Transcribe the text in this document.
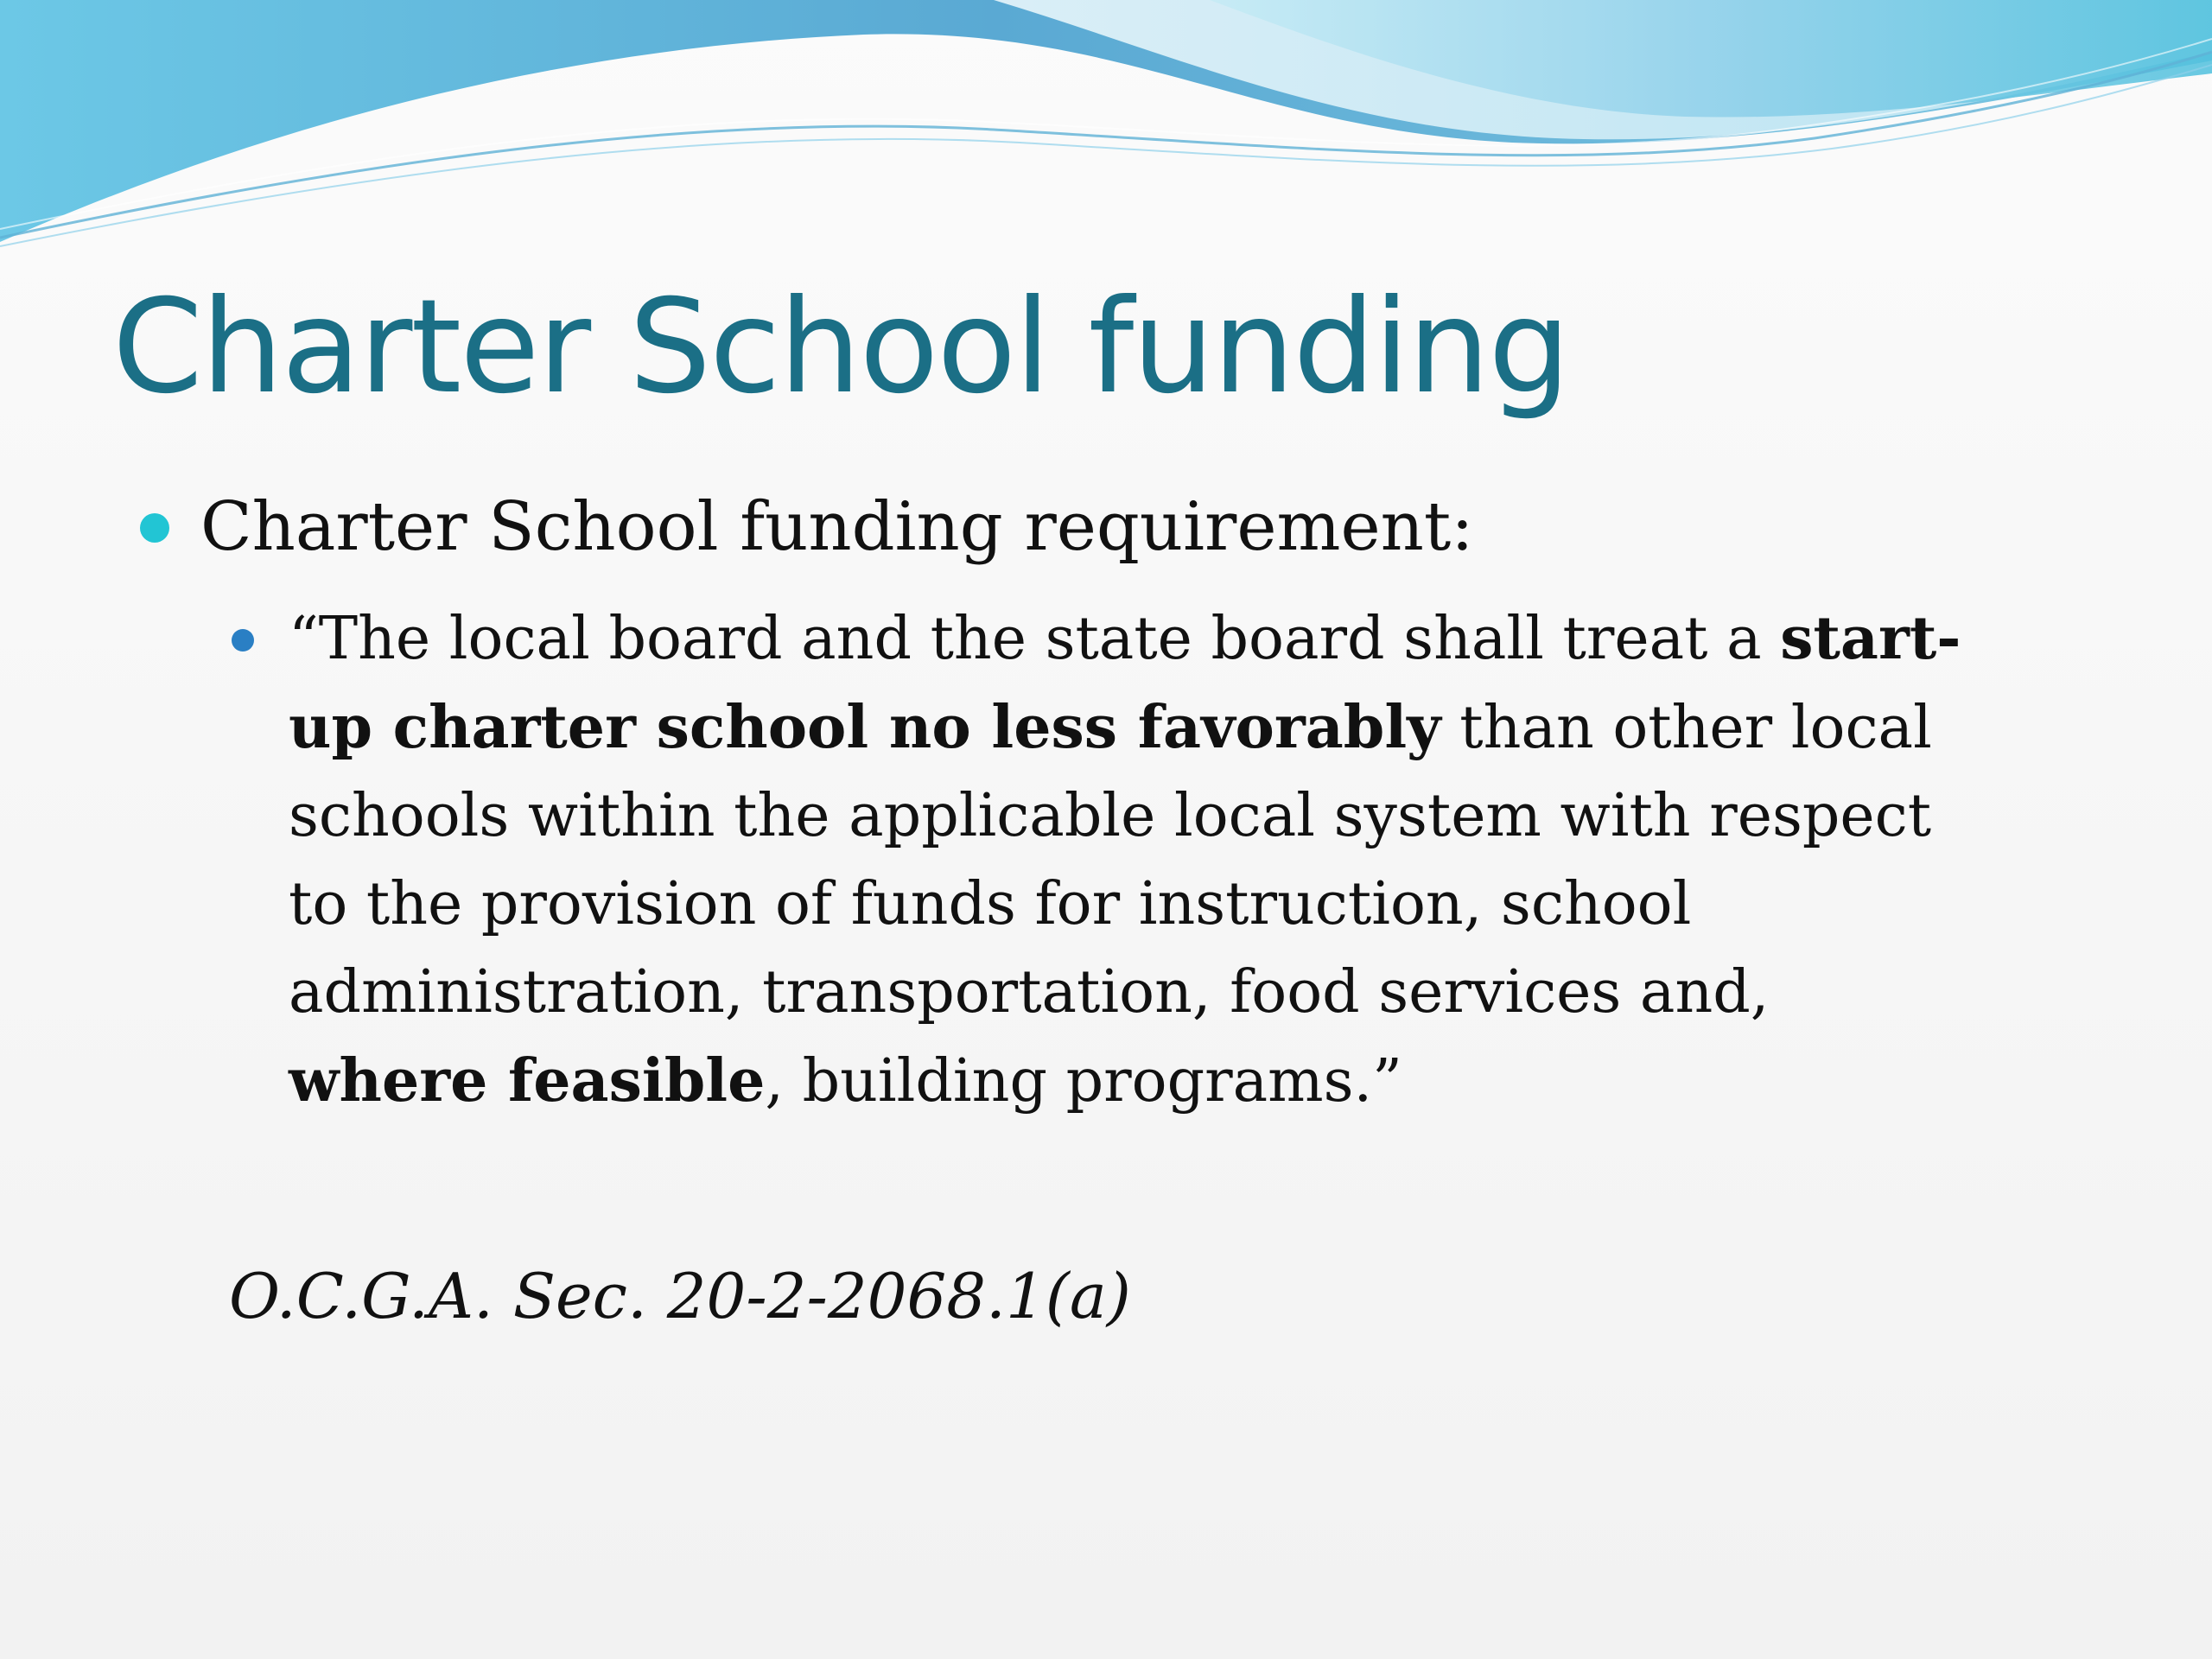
Charter School funding
Charter School funding requirement:
“The local board and the state board shall treat a start-
up charter school no less favorably than other local
schools within the applicable local system with respect
to the provision of funds for instruction, school
administration, transportation, food services and,
where feasible, building programs.”
O.C.G.A. Sec. 20-2-2068.1(a)
